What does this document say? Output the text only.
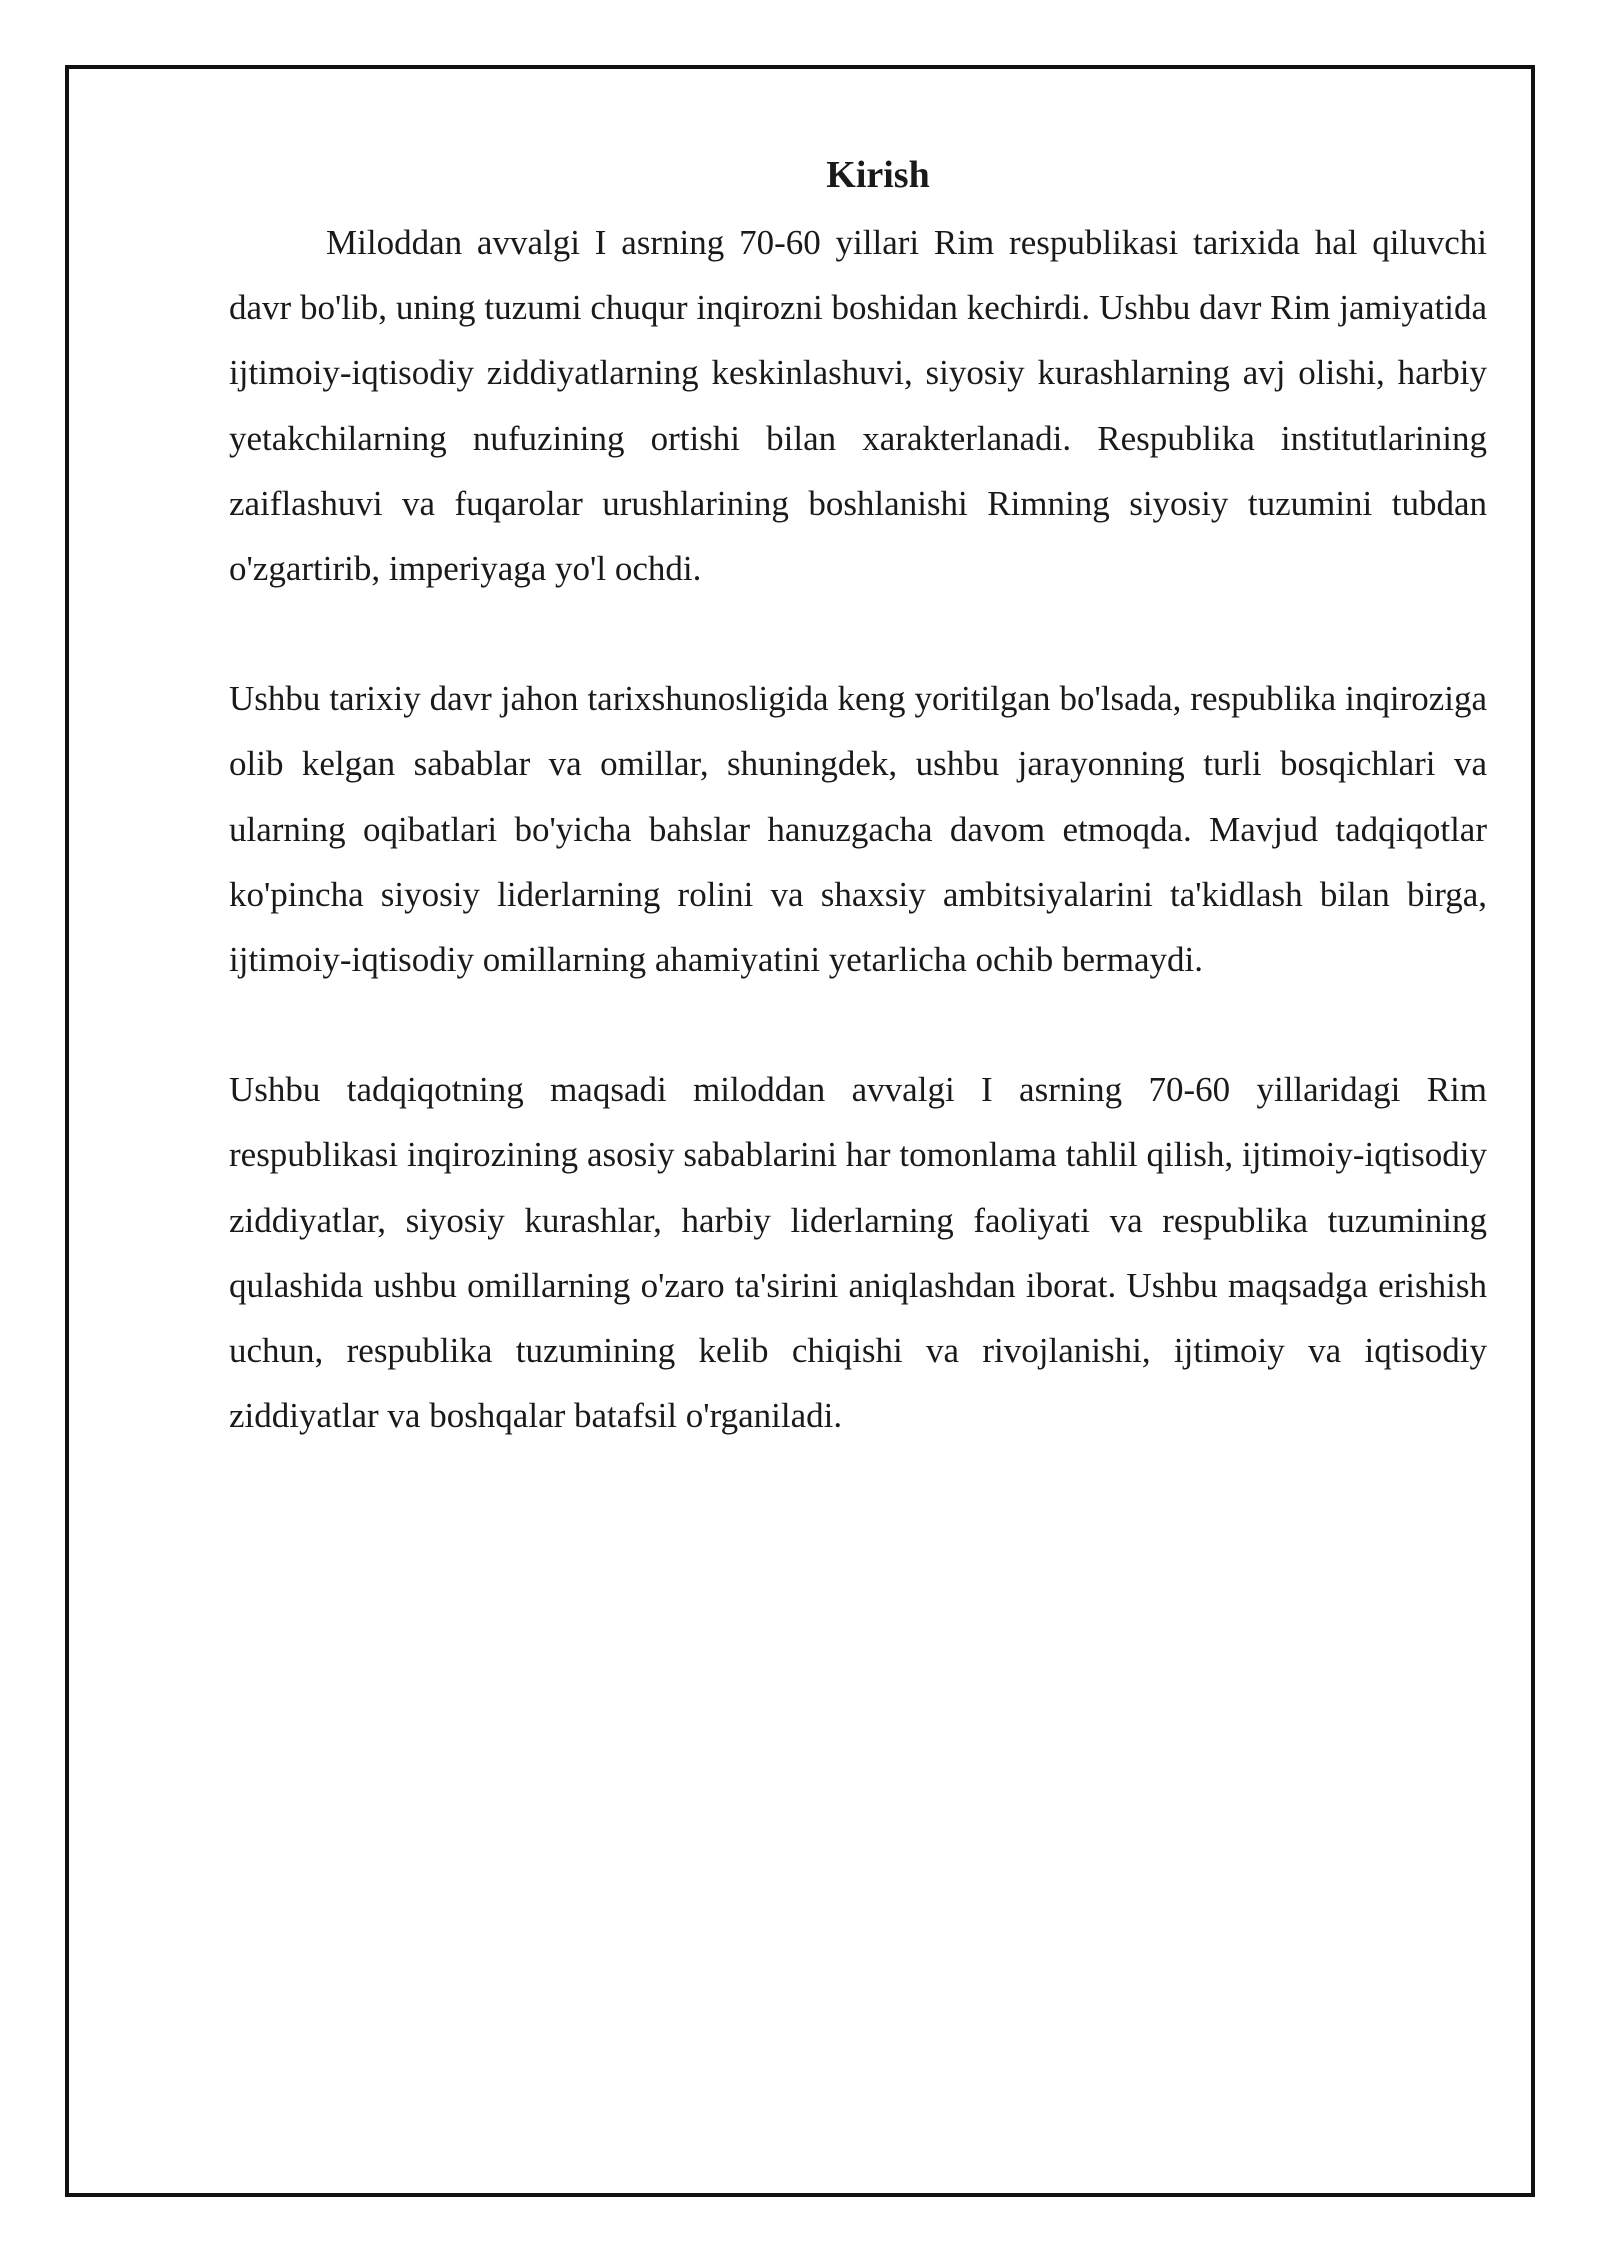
Kirish

Miloddan avvalgi I asrning 70-60 yillari Rim respublikasi tarixida hal qiluvchi davr bo'lib, uning tuzumi chuqur inqirozni boshidan kechirdi. Ushbu davr Rim jamiyatida ijtimoiy-iqtisodiy ziddiyatlarning keskinlashuvi, siyosiy kurashlarning avj olishi, harbiy yetakchilarning nufuzining ortishi bilan xarakterlanadi. Respublika institutlarining zaiflashuvi va fuqarolar urushlarining boshlanishi Rimning siyosiy tuzumini tubdan o'zgartirib, imperiyaga yo'l ochdi.

Ushbu tarixiy davr jahon tarixshunosligida keng yoritilgan bo'lsada, respublika inqiroziga olib kelgan sabablar va omillar, shuningdek, ushbu jarayonning turli bosqichlari va ularning oqibatlari bo'yicha bahslar hanuzgacha davom etmoqda. Mavjud tadqiqotlar ko'pincha siyosiy liderlarning rolini va shaxsiy ambitsiyalarini ta'kidlash bilan birga, ijtimoiy-iqtisodiy omillarning ahamiyatini yetarlicha ochib bermaydi.

Ushbu tadqiqotning maqsadi miloddan avvalgi I asrning 70-60 yillaridagi Rim respublikasi inqirozining asosiy sabablarini har tomonlama tahlil qilish, ijtimoiy-iqtisodiy ziddiyatlar, siyosiy kurashlar, harbiy liderlarning faoliyati va respublika tuzumining qulashida ushbu omillarning o'zaro ta'sirini aniqlashdan iborat. Ushbu maqsadga erishish uchun, respublika tuzumining kelib chiqishi va rivojlanishi, ijtimoiy va iqtisodiy ziddiyatlar va boshqalar batafsil o'rganiladi.
